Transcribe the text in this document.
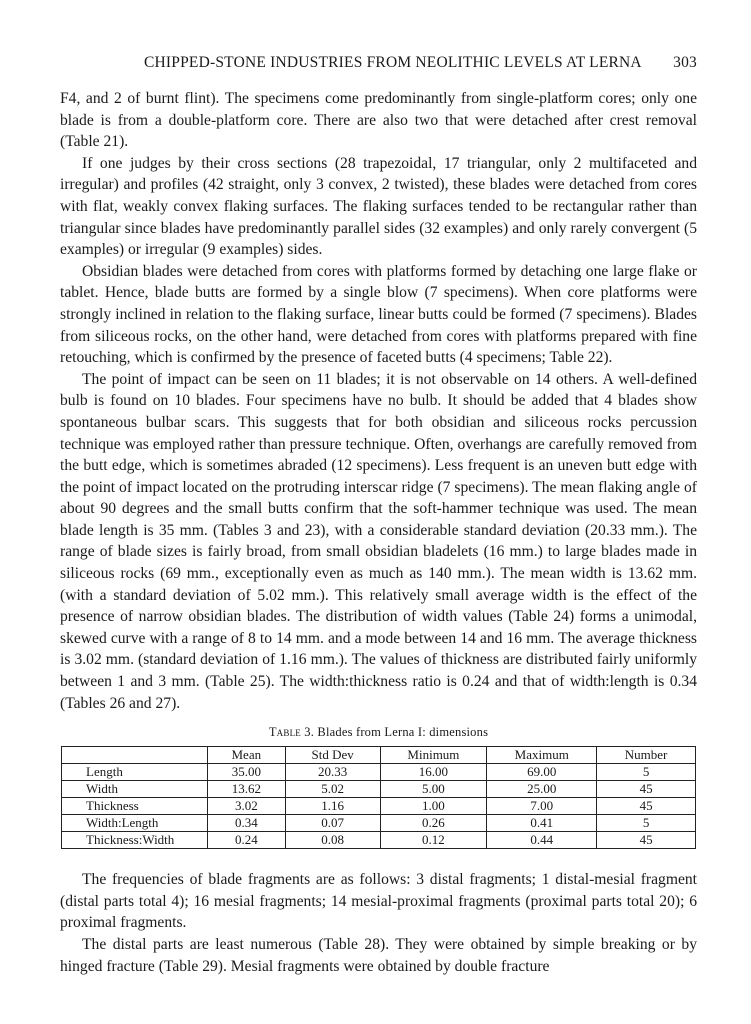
CHIPPED-STONE INDUSTRIES FROM NEOLITHIC LEVELS AT LERNA 303

F4, and 2 of burnt flint). The specimens come predominantly from single-platform cores; only one blade is from a double-platform core. There are also two that were detached after crest removal (Table 21).

If one judges by their cross sections (28 trapezoidal, 17 triangular, only 2 multifaceted and irregular) and profiles (42 straight, only 3 convex, 2 twisted), these blades were detached from cores with flat, weakly convex flaking surfaces. The flaking surfaces tended to be rectangular rather than triangular since blades have predominantly parallel sides (32 examples) and only rarely convergent (5 examples) or irregular (9 examples) sides.

Obsidian blades were detached from cores with platforms formed by detaching one large flake or tablet. Hence, blade butts are formed by a single blow (7 specimens). When core platforms were strongly inclined in relation to the flaking surface, linear butts could be formed (7 specimens). Blades from siliceous rocks, on the other hand, were detached from cores with platforms prepared with fine retouching, which is confirmed by the presence of faceted butts (4 specimens; Table 22).

The point of impact can be seen on 11 blades; it is not observable on 14 others. A well-defined bulb is found on 10 blades. Four specimens have no bulb. It should be added that 4 blades show spontaneous bulbar scars. This suggests that for both obsidian and siliceous rocks percussion technique was employed rather than pressure technique. Often, overhangs are carefully removed from the butt edge, which is sometimes abraded (12 specimens). Less frequent is an uneven butt edge with the point of impact located on the protruding interscar ridge (7 specimens). The mean flaking angle of about 90 degrees and the small butts confirm that the soft-hammer technique was used. The mean blade length is 35 mm. (Tables 3 and 23), with a considerable standard deviation (20.33 mm.). The range of blade sizes is fairly broad, from small obsidian bladelets (16 mm.) to large blades made in siliceous rocks (69 mm., exceptionally even as much as 140 mm.). The mean width is 13.62 mm. (with a standard deviation of 5.02 mm.). This relatively small average width is the effect of the presence of narrow obsidian blades. The distribution of width values (Table 24) forms a unimodal, skewed curve with a range of 8 to 14 mm. and a mode between 14 and 16 mm. The average thickness is 3.02 mm. (standard deviation of 1.16 mm.). The values of thickness are distributed fairly uniformly between 1 and 3 mm. (Table 25). The width:thickness ratio is 0.24 and that of width:length is 0.34 (Tables 26 and 27).

Table 3. Blades from Lerna I: dimensions
	Mean	Std Dev	Minimum	Maximum	Number
Length	35.00	20.33	16.00	69.00	5
Width	13.62	5.02	5.00	25.00	45
Thickness	3.02	1.16	1.00	7.00	45
Width:Length	0.34	0.07	0.26	0.41	5
Thickness:Width	0.24	0.08	0.12	0.44	45

The frequencies of blade fragments are as follows: 3 distal fragments; 1 distal-mesial fragment (distal parts total 4); 16 mesial fragments; 14 mesial-proximal fragments (proximal parts total 20); 6 proximal fragments.

The distal parts are least numerous (Table 28). They were obtained by simple breaking or by hinged fracture (Table 29). Mesial fragments were obtained by double fracture
